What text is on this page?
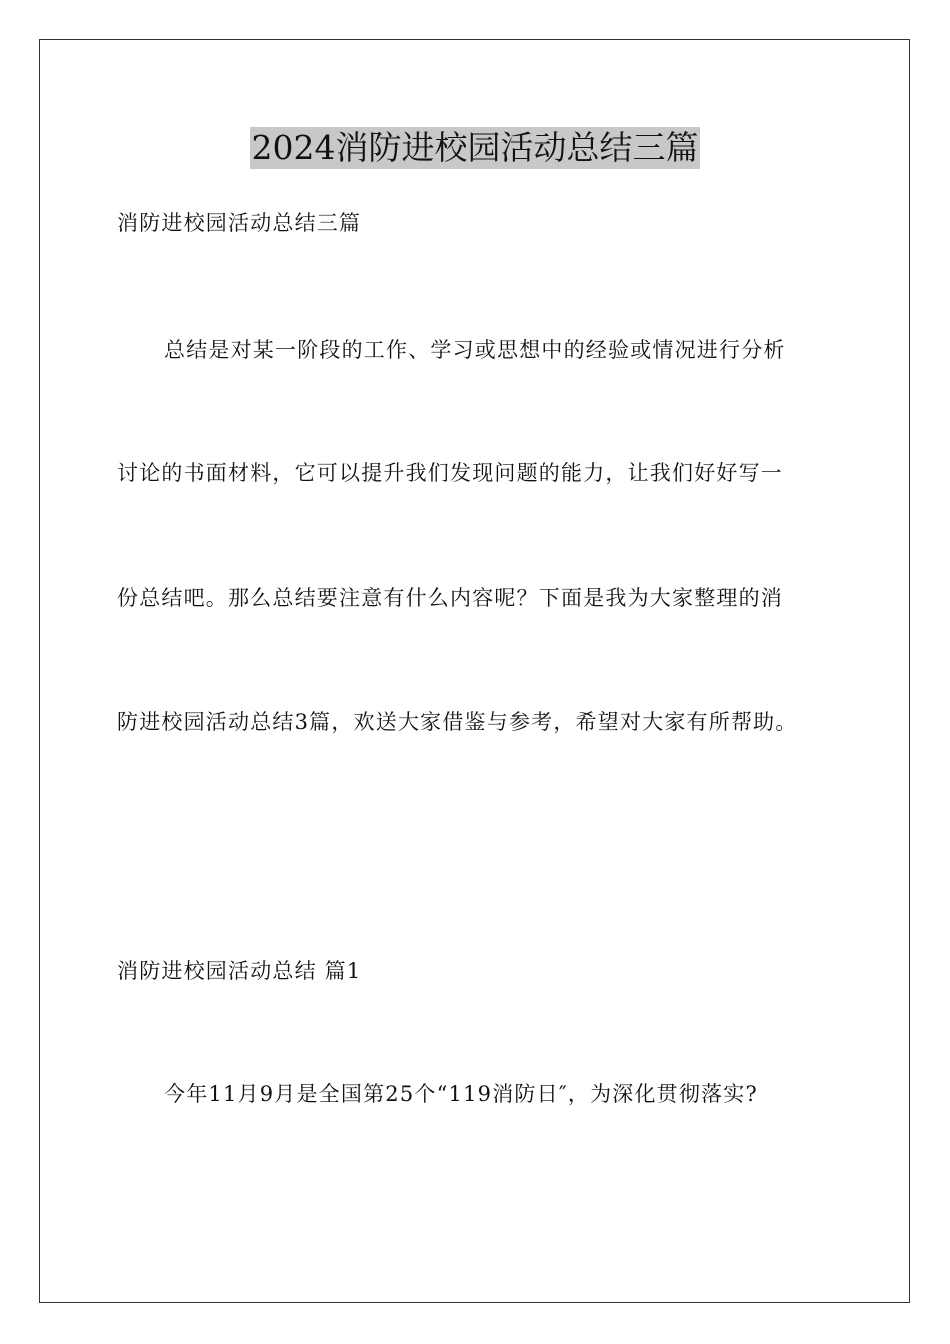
2024消防进校园活动总结三篇
消防进校园活动总结三篇
总结是对某一阶段的工作、学习或思想中的经验或情况进行分析
讨论的书面材料，它可以提升我们发现问题的能力，让我们好好写一
份总结吧。那么总结要注意有什么内容呢？下面是我为大家整理的消
防进校园活动总结3篇，欢送大家借鉴与参考，希望对大家有所帮助。
消防进校园活动总结 篇1
今年11月9月是全国第25个“119消防日″，为深化贯彻落实?
